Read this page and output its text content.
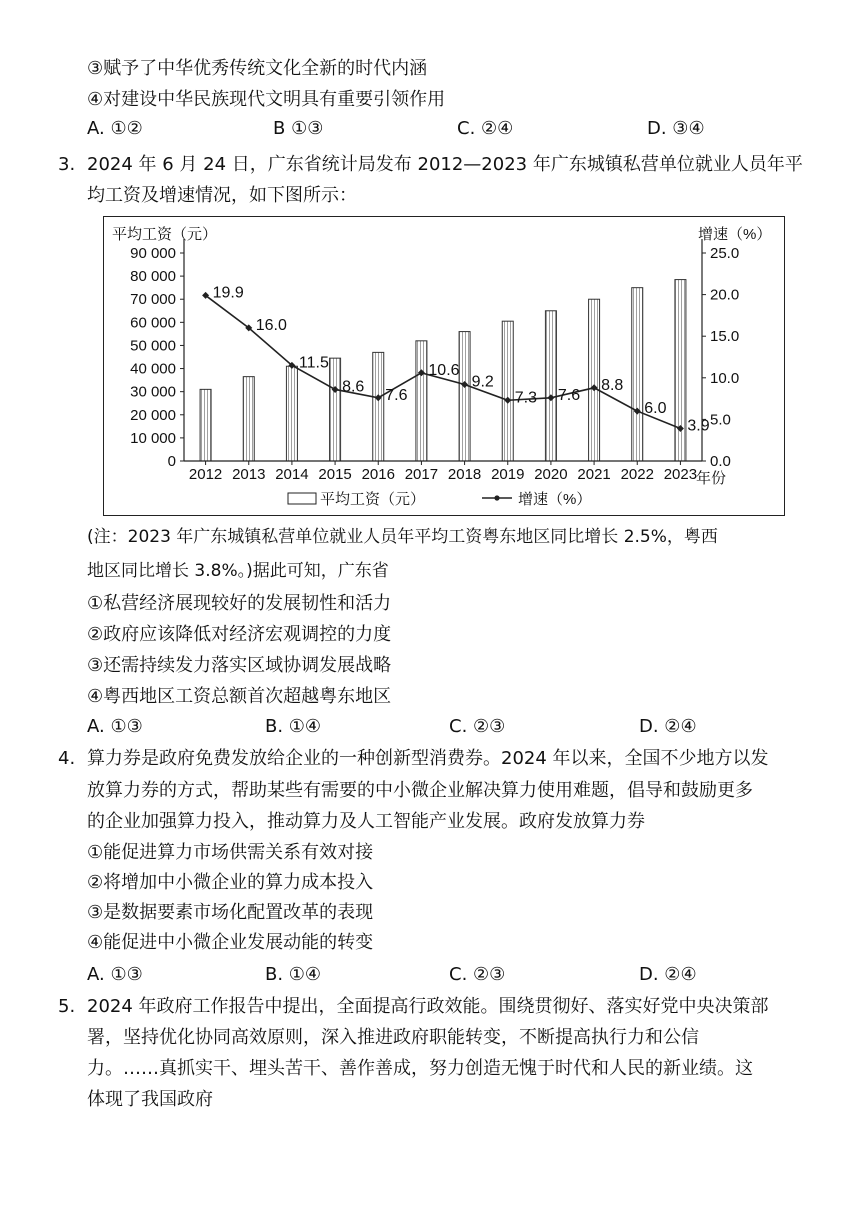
③赋予了中华优秀传统文化全新的时代内涵
④对建设中华民族现代文明具有重要引领作用
A. ①②	B ①③	C. ②④	D. ③④
3. 2024 年 6 月 24 日，广东省统计局发布 2012—2023 年广东城镇私营单位就业人员年平
均工资及增速情况，如下图所示：
平均工资（元）	增速（%）
0
10 000
20 000
30 000
40 000
50 000
60 000
70 000
80 000
90 000
0.0
5.0
10.0
15.0
20.0
25.0
19.9
16.0
11.5
8.6 7.6
10.6
9.2
7.3 7.6
8.8
6.0
3.9
2012 2013 2014 2015 2016 2017 2018 2019 2020 2021 2022 2023
年份
平均工资（元）	增速（%）
(注：2023 年广东城镇私营单位就业人员年平均工资粤东地区同比增长 2.5%，粤西
地区同比增长 3.8%。)据此可知，广东省
①私营经济展现较好的发展韧性和活力
②政府应该降低对经济宏观调控的力度
③还需持续发力落实区域协调发展战略
④粤西地区工资总额首次超越粤东地区
A. ①③	B. ①④	C. ②③	D. ②④
4. 算力券是政府免费发放给企业的一种创新型消费券。2024 年以来，全国不少地方以发
放算力券的方式，帮助某些有需要的中小微企业解决算力使用难题，倡导和鼓励更多
的企业加强算力投入，推动算力及人工智能产业发展。政府发放算力券
①能促进算力市场供需关系有效对接
②将增加中小微企业的算力成本投入
③是数据要素市场化配置改革的表现
④能促进中小微企业发展动能的转变
A. ①③	B. ①④	C. ②③	D. ②④
5. 2024 年政府工作报告中提出，全面提高行政效能。围绕贯彻好、落实好党中央决策部
署，坚持优化协同高效原则，深入推进政府职能转变，不断提高执行力和公信
力。……真抓实干、埋头苦干、善作善成，努力创造无愧于时代和人民的新业绩。这
体现了我国政府
